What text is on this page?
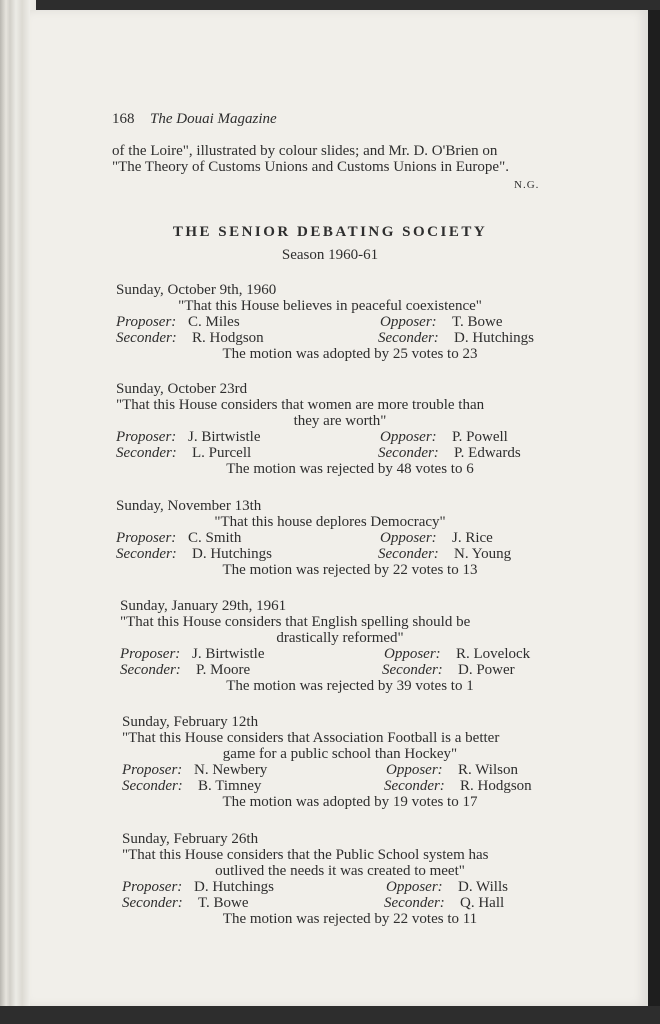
168 The Douai Magazine
of the Loire", illustrated by colour slides; and Mr. D. O'Brien on
"The Theory of Customs Unions and Customs Unions in Europe".
N.G.
THE SENIOR DEBATING SOCIETY
Season 1960-61
Sunday, October 9th, 1960
"That this House believes in peaceful coexistence"
Proposer: C. Miles	Opposer: T. Bowe
Seconder: R. Hodgson	Seconder: D. Hutchings
The motion was adopted by 25 votes to 23
Sunday, October 23rd
"That this House considers that women are more trouble than
they are worth"
Proposer: J. Birtwistle	Opposer: P. Powell
Seconder: L. Purcell	Seconder: P. Edwards
The motion was rejected by 48 votes to 6
Sunday, November 13th
"That this house deplores Democracy"
Proposer: C. Smith	Opposer: J. Rice
Seconder: D. Hutchings	Seconder: N. Young
The motion was rejected by 22 votes to 13
Sunday, January 29th, 1961
"That this House considers that English spelling should be
drastically reformed"
Proposer: J. Birtwistle	Opposer: R. Lovelock
Seconder: P. Moore	Seconder: D. Power
The motion was rejected by 39 votes to 1
Sunday, February 12th
"That this House considers that Association Football is a better
game for a public school than Hockey"
Proposer: N. Newbery	Opposer: R. Wilson
Seconder: B. Timney	Seconder: R. Hodgson
The motion was adopted by 19 votes to 17
Sunday, February 26th
"That this House considers that the Public School system has
outlived the needs it was created to meet"
Proposer: D. Hutchings	Opposer: D. Wills
Seconder: T. Bowe	Seconder: Q. Hall
The motion was rejected by 22 votes to 11
